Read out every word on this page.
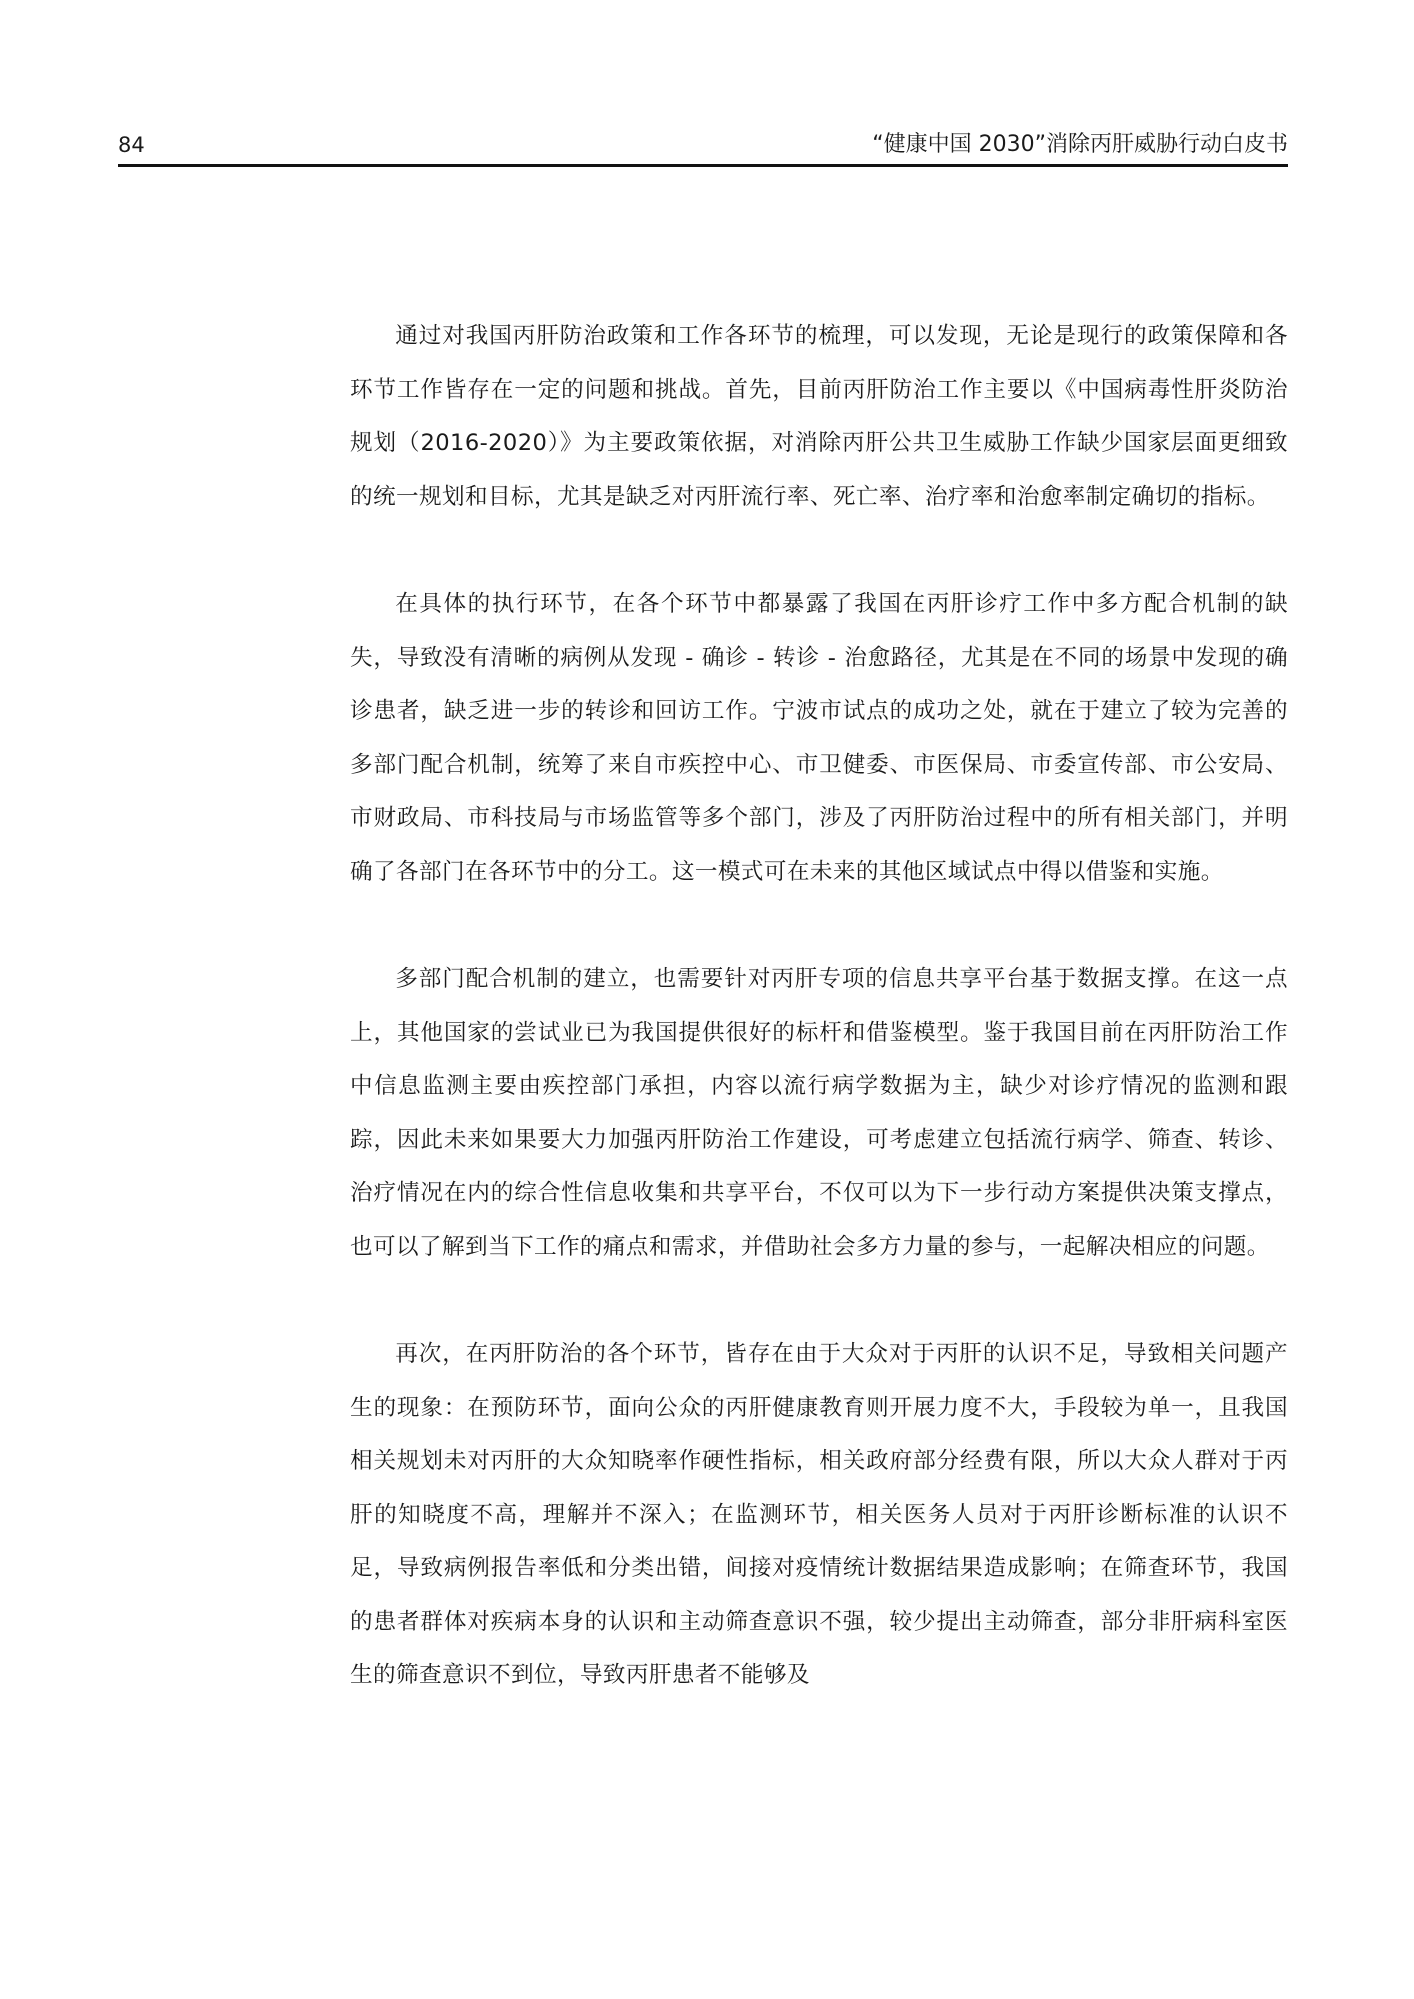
84	“健康中国 2030”消除丙肝威胁行动白皮书

通过对我国丙肝防治政策和工作各环节的梳理，可以发现，无论是现行的政策保障和各环节工作皆存在一定的问题和挑战。首先，目前丙肝防治工作主要以《中国病毒性肝炎防治规划（2016-2020）》为主要政策依据，对消除丙肝公共卫生威胁工作缺少国家层面更细致的统一规划和目标，尤其是缺乏对丙肝流行率、死亡率、治疗率和治愈率制定确切的指标。

在具体的执行环节，在各个环节中都暴露了我国在丙肝诊疗工作中多方配合机制的缺失，导致没有清晰的病例从发现 - 确诊 - 转诊 - 治愈路径，尤其是在不同的场景中发现的确诊患者，缺乏进一步的转诊和回访工作。宁波市试点的成功之处，就在于建立了较为完善的多部门配合机制，统筹了来自市疾控中心、市卫健委、市医保局、市委宣传部、市公安局、市财政局、市科技局与市场监管等多个部门，涉及了丙肝防治过程中的所有相关部门，并明确了各部门在各环节中的分工。这一模式可在未来的其他区域试点中得以借鉴和实施。

多部门配合机制的建立，也需要针对丙肝专项的信息共享平台基于数据支撑。在这一点上，其他国家的尝试业已为我国提供很好的标杆和借鉴模型。鉴于我国目前在丙肝防治工作中信息监测主要由疾控部门承担，内容以流行病学数据为主，缺少对诊疗情况的监测和跟踪，因此未来如果要大力加强丙肝防治工作建设，可考虑建立包括流行病学、筛查、转诊、治疗情况在内的综合性信息收集和共享平台，不仅可以为下一步行动方案提供决策支撑点，也可以了解到当下工作的痛点和需求，并借助社会多方力量的参与，一起解决相应的问题。

再次，在丙肝防治的各个环节，皆存在由于大众对于丙肝的认识不足，导致相关问题产生的现象：在预防环节，面向公众的丙肝健康教育则开展力度不大，手段较为单一，且我国相关规划未对丙肝的大众知晓率作硬性指标，相关政府部分经费有限，所以大众人群对于丙肝的知晓度不高，理解并不深入；在监测环节，相关医务人员对于丙肝诊断标准的认识不足，导致病例报告率低和分类出错，间接对疫情统计数据结果造成影响；在筛查环节，我国的患者群体对疾病本身的认识和主动筛查意识不强，较少提出主动筛查，部分非肝病科室医生的筛查意识不到位，导致丙肝患者不能够及
